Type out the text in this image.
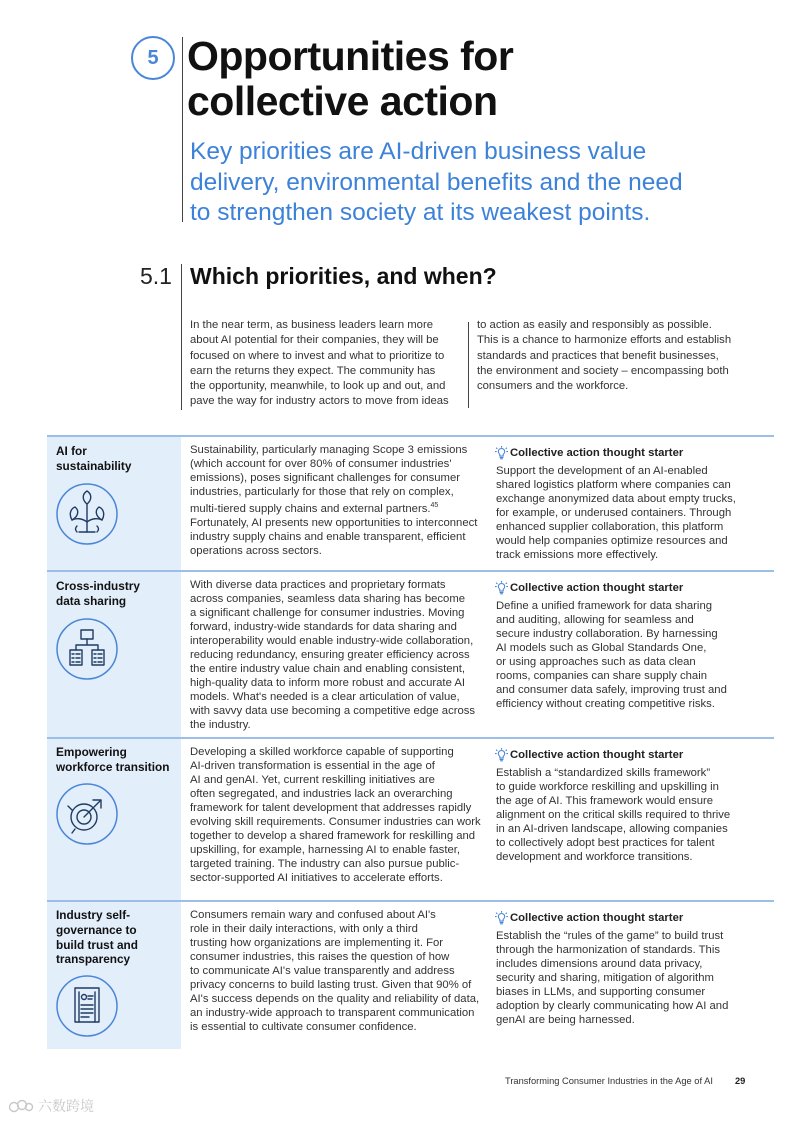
5 Opportunities for
collective action
Key priorities are AI-driven business value
delivery, environmental benefits and the need
to strengthen society at its weakest points.
5.1 Which priorities, and when?

In the near term, as business leaders learn more
about AI potential for their companies, they will be
focused on where to invest and what to prioritize to
earn the returns they expect. The community has
the opportunity, meanwhile, to look up and out, and
pave the way for industry actors to move from ideas

to action as easily and responsibly as possible.
This is a chance to harmonize efforts and establish
standards and practices that benefit businesses,
the environment and society – encompassing both
consumers and the workforce.

AI for
sustainability
Sustainability, particularly managing Scope 3 emissions
(which account for over 80% of consumer industries'
emissions), poses significant challenges for consumer
industries, particularly for those that rely on complex,
multi-tiered supply chains and external partners.$^{45}$
Fortunately, AI presents new opportunities to interconnect
industry supply chains and enable transparent, efficient
operations across sectors.
Collective action thought starter
Support the development of an AI-enabled
shared logistics platform where companies can
exchange anonymized data about empty trucks,
for example, or underused containers. Through
enhanced supplier collaboration, this platform
would help companies optimize resources and
track emissions more effectively.
Cross-industry
data sharing
With diverse data practices and proprietary formats
across companies, seamless data sharing has become
a significant challenge for consumer industries. Moving
forward, industry-wide standards for data sharing and
interoperability would enable industry-wide collaboration,
reducing redundancy, ensuring greater efficiency across
the entire industry value chain and enabling consistent,
high-quality data to inform more robust and accurate AI
models. What's needed is a clear articulation of value,
with savvy data use becoming a competitive edge across
the industry.
Collective action thought starter
Define a unified framework for data sharing
and auditing, allowing for seamless and
secure industry collaboration. By harnessing
AI models such as Global Standards One,
or using approaches such as data clean
rooms, companies can share supply chain
and consumer data safely, improving trust and
efficiency without creating competitive risks.
Empowering
workforce transition
Developing a skilled workforce capable of supporting
AI-driven transformation is essential in the age of
AI and genAI. Yet, current reskilling initiatives are
often segregated, and industries lack an overarching
framework for talent development that addresses rapidly
evolving skill requirements. Consumer industries can work
together to develop a shared framework for reskilling and
upskilling, for example, harnessing AI to enable faster,
targeted training. The industry can also pursue public-
sector-supported AI initiatives to accelerate efforts.
Collective action thought starter
Establish a “standardized skills framework”
to guide workforce reskilling and upskilling in
the age of AI. This framework would ensure
alignment on the critical skills required to thrive
in an AI-driven landscape, allowing companies
to collectively adopt best practices for talent
development and workforce transitions.
Industry self-
governance to
build trust and
transparency
Consumers remain wary and confused about AI's
role in their daily interactions, with only a third
trusting how organizations are implementing it. For
consumer industries, this raises the question of how
to communicate AI's value transparently and address
privacy concerns to build lasting trust. Given that 90% of
AI's success depends on the quality and reliability of data,
an industry-wide approach to transparent communication
is essential to cultivate consumer confidence.
Collective action thought starter
Establish the “rules of the game” to build trust
through the harmonization of standards. This
includes dimensions around data privacy,
security and sharing, mitigation of algorithm
biases in LLMs, and supporting consumer
adoption by clearly communicating how AI and
genAI are being harnessed.
Transforming Consumer Industries in the Age of AI 29
六数跨境
